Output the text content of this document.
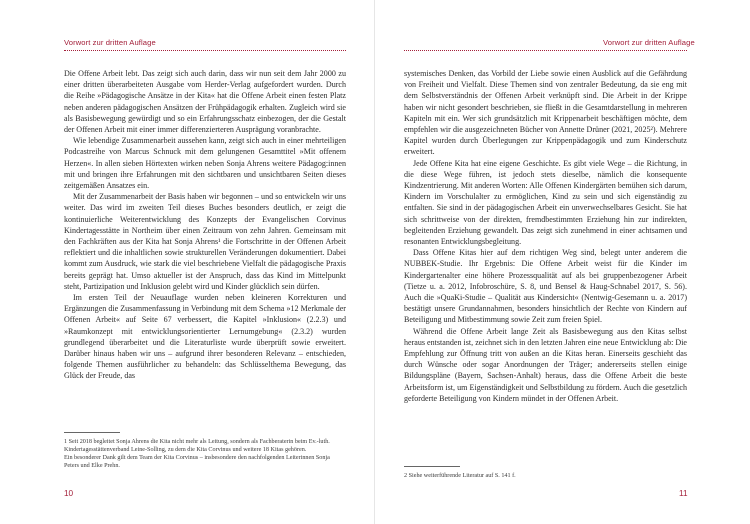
Vorwort zur dritten Auflage

Die Offene Arbeit lebt. Das zeigt sich auch darin, dass wir nun seit dem Jahr 2000 zu einer dritten überarbeiteten Ausgabe vom Herder-Verlag aufgefordert wurden. Durch die Reihe »Pädagogische Ansätze in der Kita« hat die Offene Arbeit einen festen Platz neben anderen pädagogischen Ansätzen der Frühpädagogik erhalten. Zugleich wird sie als Basisbewegung gewürdigt und so ein Erfahrungsschatz einbezogen, der die Gestalt der Offenen Arbeit mit einer immer differenzierteren Ausprägung voranbrachte.

Wie lebendige Zusammenarbeit aussehen kann, zeigt sich auch in einer mehrteiligen Podcastreihe von Marcus Schnuck mit dem gelungenen Gesamttitel »Mit offenem Herzen«. In allen sieben Hörtexten wirken neben Sonja Ahrens weitere Pädagog:innen mit und bringen ihre Erfahrungen mit den sichtbaren und unsichtbaren Seiten dieses zeitgemäßen Ansatzes ein.

Mit der Zusammenarbeit der Basis haben wir begonnen – und so entwickeln wir uns weiter. Das wird im zweiten Teil dieses Buches besonders deutlich, er zeigt die kontinuierliche Weiterentwicklung des Konzepts der Evangelischen Corvinus Kindertagesstätte in Northeim über einen Zeitraum von zehn Jahren. Gemeinsam mit den Fachkräften aus der Kita hat Sonja Ahrens¹ die Fortschritte in der Offenen Arbeit reflektiert und die inhaltlichen sowie strukturellen Veränderungen dokumentiert. Dabei kommt zum Ausdruck, wie stark die viel beschriebene Vielfalt die pädagogische Praxis bereits geprägt hat. Umso aktueller ist der Anspruch, dass das Kind im Mittelpunkt steht, Partizipation und Inklusion gelebt wird und Kinder glücklich sein dürfen.

Im ersten Teil der Neuauflage wurden neben kleineren Korrekturen und Ergänzungen die Zusammenfassung in Verbindung mit dem Schema »12 Merkmale der Offenen Arbeit« auf Seite 67 verbessert, die Kapitel »Inklusion« (2.2.3) und »Raumkonzept mit entwicklungsorientierter Lernumgebung« (2.3.2) wurden grundlegend überarbeitet und die Literaturliste wurde überprüft sowie erweitert. Darüber hinaus haben wir uns – aufgrund ihrer besonderen Relevanz – entschieden, folgende Themen ausführlicher zu behandeln: das Schlüsselthema Bewegung, das Glück der Freude, das

1 Seit 2018 begleitet Sonja Ahrens die Kita nicht mehr als Leitung, sondern als Fachberaterin beim Ev.-luth. Kindertagesstättenverband Leine-Solling, zu dem die Kita Corvinus und weitere 18 Kitas gehören.

Ein besonderer Dank gilt dem Team der Kita Corvinus – insbesondere den nachfolgenden Leiterinnen Sonja Peters und Elke Prehn.

10
Vorwort zur dritten Auflage

systemisches Denken, das Vorbild der Liebe sowie einen Ausblick auf die Gefährdung von Freiheit und Vielfalt. Diese Themen sind von zentraler Bedeutung, da sie eng mit dem Selbstverständnis der Offenen Arbeit verknüpft sind. Die Arbeit in der Krippe haben wir nicht gesondert beschrieben, sie fließt in die Gesamtdarstellung in mehreren Kapiteln mit ein. Wer sich grundsätzlich mit Krippenarbeit beschäftigen möchte, dem empfehlen wir die ausgezeichneten Bücher von Annette Drüner (2021, 2025²). Mehrere Kapitel wurden durch Überlegungen zur Krippenpädagogik und zum Kinderschutz erweitert.

Jede Offene Kita hat eine eigene Geschichte. Es gibt viele Wege – die Richtung, in die diese Wege führen, ist jedoch stets dieselbe, nämlich die konsequente Kindzentrierung. Mit anderen Worten: Alle Offenen Kindergärten bemühen sich darum, Kindern im Vorschulalter zu ermöglichen, Kind zu sein und sich eigenständig zu entfalten. Sie sind in der pädagogischen Arbeit ein unverwechselbares Gesicht. Sie hat sich schrittweise von der direkten, fremdbestimmten Erziehung hin zur indirekten, begleitenden Erziehung gewandelt. Das zeigt sich zunehmend in einer achtsamen und resonanten Entwicklungsbegleitung.

Dass Offene Kitas hier auf dem richtigen Weg sind, belegt unter anderem die NUBBEK-Studie. Ihr Ergebnis: Die Offene Arbeit weist für die Kinder im Kindergartenalter eine höhere Prozessqualität auf als bei gruppenbezogener Arbeit (Tietze u. a. 2012, Infobroschüre, S. 8, und Bensel & Haug-Schnabel 2017, S. 56). Auch die »QuaKi-Studie – Qualität aus Kindersicht« (Nentwig-Gesemann u. a. 2017) bestätigt unsere Grundannahmen, besonders hinsichtlich der Rechte von Kindern auf Beteiligung und Mitbestimmung sowie Zeit zum freien Spiel.

Während die Offene Arbeit lange Zeit als Basisbewegung aus den Kitas selbst heraus entstanden ist, zeichnet sich in den letzten Jahren eine neue Entwicklung ab: Die Empfehlung zur Öffnung tritt von außen an die Kitas heran. Einerseits geschieht das durch Wünsche oder sogar Anordnungen der Träger; andererseits stellen einige Bildungspläne (Bayern, Sachsen-Anhalt) heraus, dass die Offene Arbeit die beste Arbeitsform ist, um Eigenständigkeit und Selbstbildung zu fördern. Auch die gesetzlich geforderte Beteiligung von Kindern mündet in der Offenen Arbeit.

2 Siehe weiterführende Literatur auf S. 141 f.

11
